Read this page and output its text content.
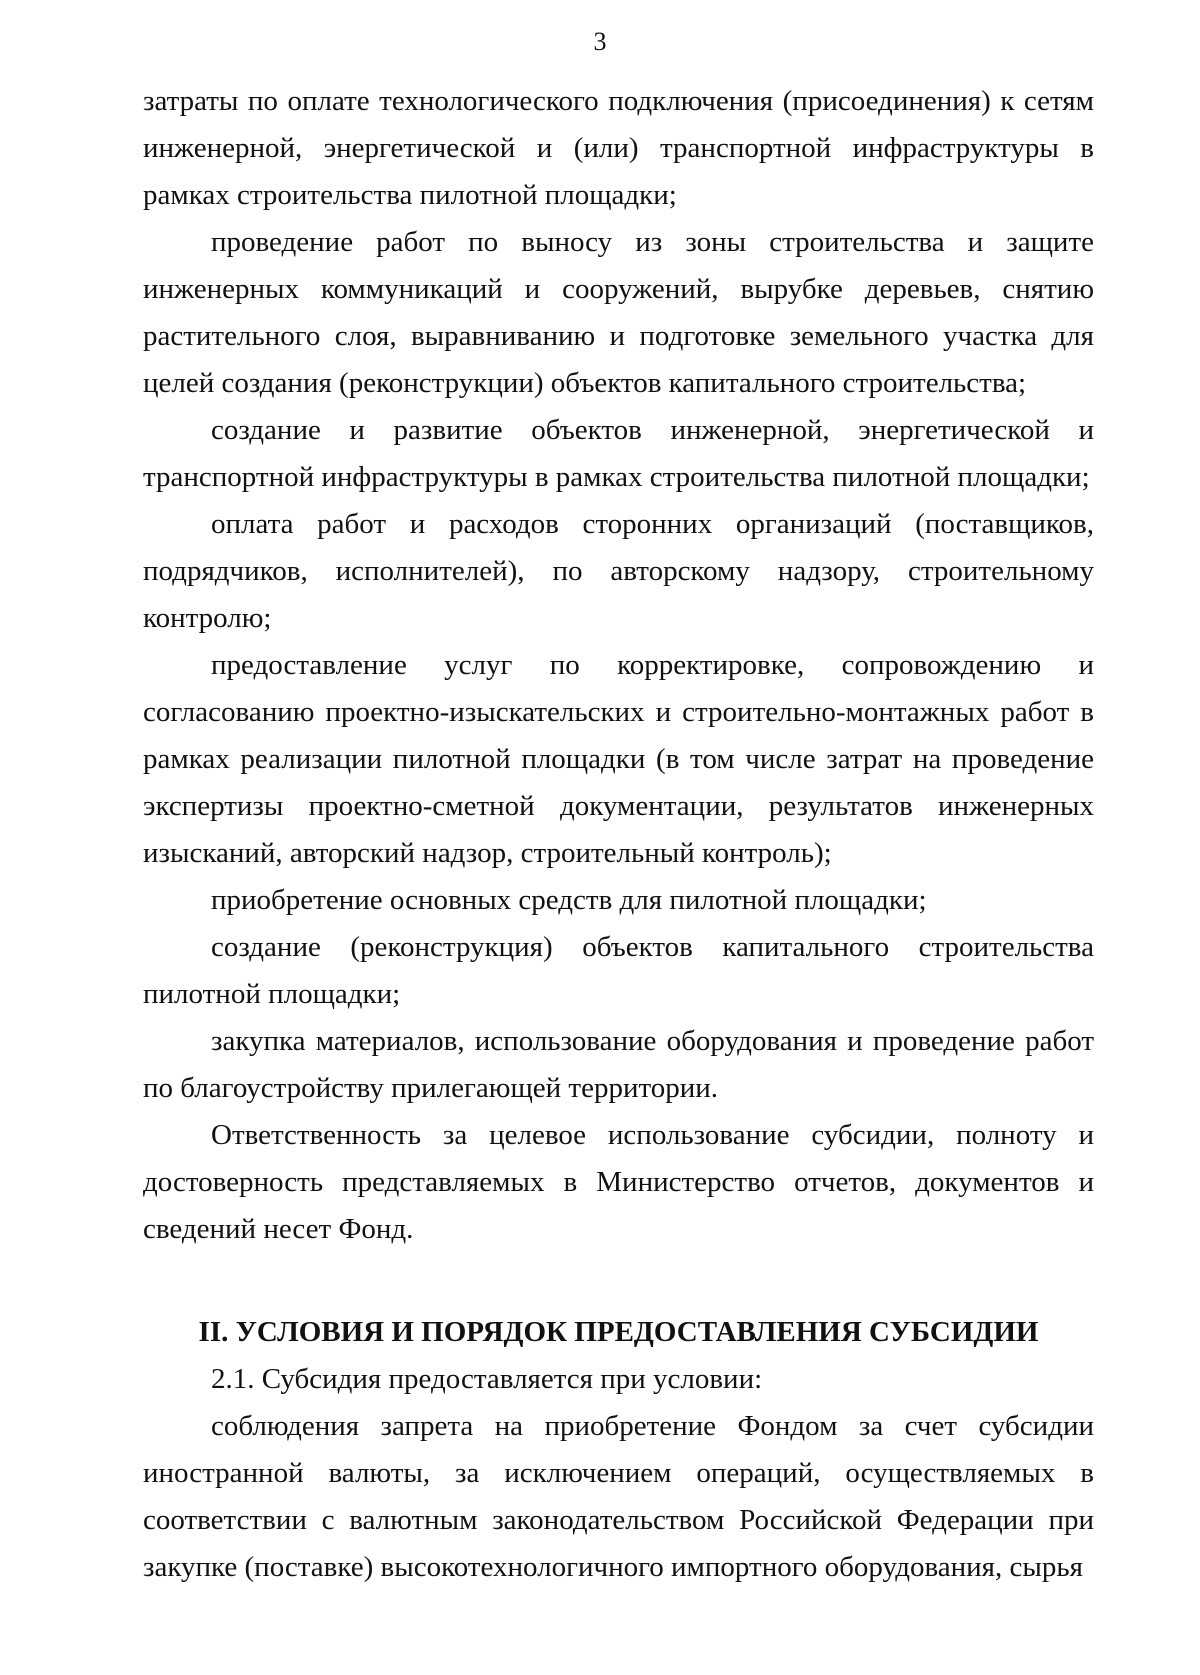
3

затраты по оплате технологического подключения (присоединения) к сетям инженерной, энергетической и (или) транспортной инфраструктуры в рамках строительства пилотной площадки;

проведение работ по выносу из зоны строительства и защите инженерных коммуникаций и сооружений, вырубке деревьев, снятию растительного слоя, выравниванию и подготовке земельного участка для целей создания (реконструкции) объектов капитального строительства;

создание и развитие объектов инженерной, энергетической и транспортной инфраструктуры в рамках строительства пилотной площадки;

оплата работ и расходов сторонних организаций (поставщиков, подрядчиков, исполнителей), по авторскому надзору, строительному контролю;

предоставление услуг по корректировке, сопровождению и согласованию проектно-изыскательских и строительно-монтажных работ в рамках реализации пилотной площадки (в том числе затрат на проведение экспертизы проектно-сметной документации, результатов инженерных изысканий, авторский надзор, строительный контроль);

приобретение основных средств для пилотной площадки;

создание (реконструкция) объектов капитального строительства пилотной площадки;

закупка материалов, использование оборудования и проведение работ по благоустройству прилегающей территории.

Ответственность за целевое использование субсидии, полноту и достоверность представляемых в Министерство отчетов, документов и сведений несет Фонд.

II. УСЛОВИЯ И ПОРЯДОК ПРЕДОСТАВЛЕНИЯ СУБСИДИИ

2.1. Субсидия предоставляется при условии:

соблюдения запрета на приобретение Фондом за счет субсидии иностранной валюты, за исключением операций, осуществляемых в соответствии с валютным законодательством Российской Федерации при закупке (поставке) высокотехнологичного импортного оборудования, сырья
